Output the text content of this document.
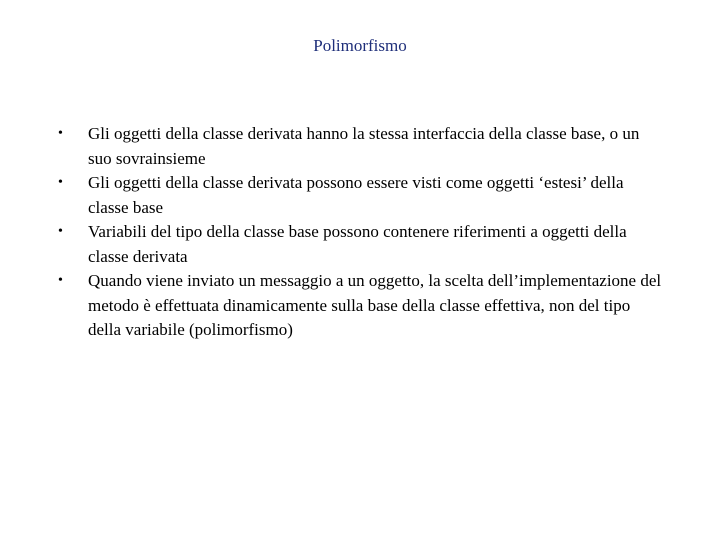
Polimorfismo
• Gli oggetti della classe derivata hanno la stessa interfaccia della classe base, o un suo sovrainsieme
• Gli oggetti della classe derivata possono essere visti come oggetti ‘estesi’ della classe base
• Variabili del tipo della classe base possono contenere riferimenti a oggetti della classe derivata
• Quando viene inviato un messaggio a un oggetto, la scelta dell’implementazione del metodo è effettuata dinamicamente sulla base della classe effettiva, non del tipo della variabile (polimorfismo)
